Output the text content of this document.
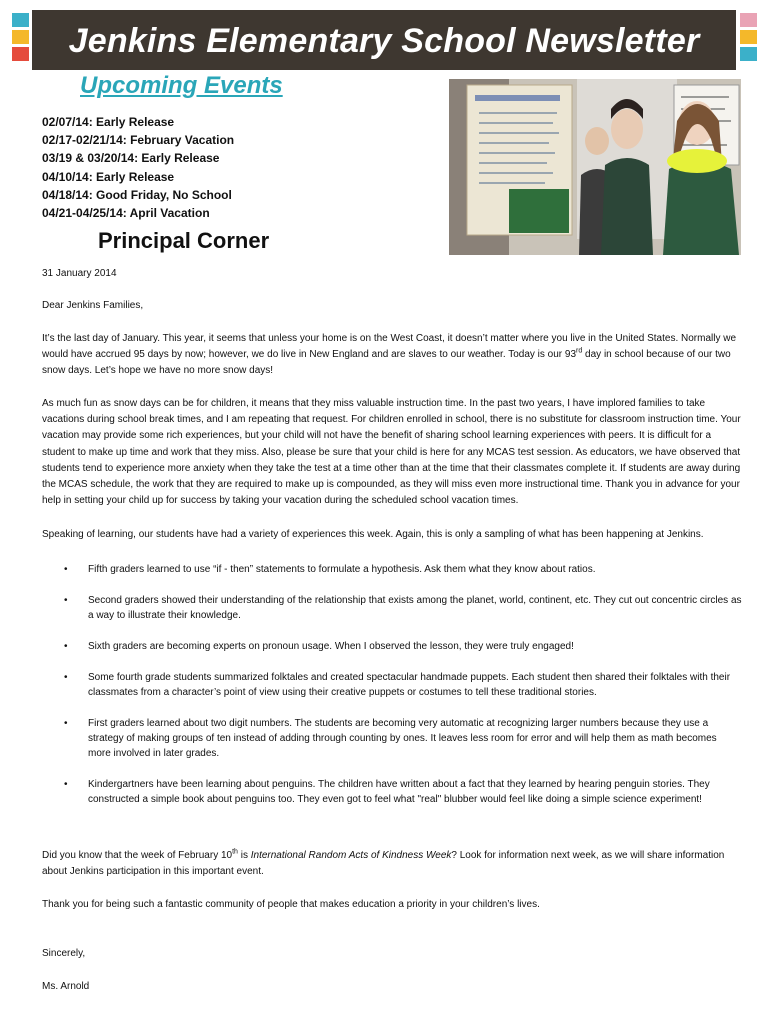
Jenkins Elementary School Newsletter
Upcoming Events
02/07/14: Early Release
02/17-02/21/14: February Vacation
03/19 & 03/20/14: Early Release
04/10/14: Early Release
04/18/14: Good Friday, No School
04/21-04/25/14: April Vacation
Principal Corner
31 January 2014
Dear Jenkins Families,
It’s the last day of January. This year, it seems that unless your home is on the West Coast, it doesn’t matter where you live in the United States. Normally we would have accrued 95 days by now; however, we do live in New England and are slaves to our weather. Today is our 93rd day in school because of our two snow days. Let’s hope we have no more snow days!
As much fun as snow days can be for children, it means that they miss valuable instruction time. In the past two years, I have implored families to take vacations during school break times, and I am repeating that request. For children enrolled in school, there is no substitute for classroom instruction time. Your vacation may provide some rich experiences, but your child will not have the benefit of sharing school learning experiences with peers. It is difficult for a student to make up time and work that they miss. Also, please be sure that your child is here for any MCAS test session. As educators, we have observed that students tend to experience more anxiety when they take the test at a time other than at the time that their classmates complete it. If students are away during the MCAS schedule, the work that they are required to make up is compounded, as they will miss even more instructional time. Thank you in advance for your help in setting your child up for success by taking your vacation during the scheduled school vacation times.
Speaking of learning, our students have had a variety of experiences this week. Again, this is only a sampling of what has been happening at Jenkins.
• Fifth graders learned to use “if - then” statements to formulate a hypothesis. Ask them what they know about ratios.
• Second graders showed their understanding of the relationship that exists among the planet, world, continent, etc. They cut out concentric circles as a way to illustrate their knowledge.
• Sixth graders are becoming experts on pronoun usage. When I observed the lesson, they were truly engaged!
• Some fourth grade students summarized folktales and created spectacular handmade puppets. Each student then shared their folktales with their classmates from a character’s point of view using their creative puppets or costumes to tell these traditional stories.
• First graders learned about two digit numbers. The students are becoming very automatic at recognizing larger numbers because they use a strategy of making groups of ten instead of adding through counting by ones. It leaves less room for error and will help them as math becomes more involved in later grades.
• Kindergartners have been learning about penguins. The children have written about a fact that they learned by hearing penguin stories. They constructed a simple book about penguins too. They even got to feel what "real" blubber would feel like doing a simple science experiment!
Did you know that the week of February 10th is International Random Acts of Kindness Week? Look for information next week, as we will share information about Jenkins participation in this important event.
Thank you for being such a fantastic community of people that makes education a priority in your children’s lives.
Sincerely,
Ms. Arnold
